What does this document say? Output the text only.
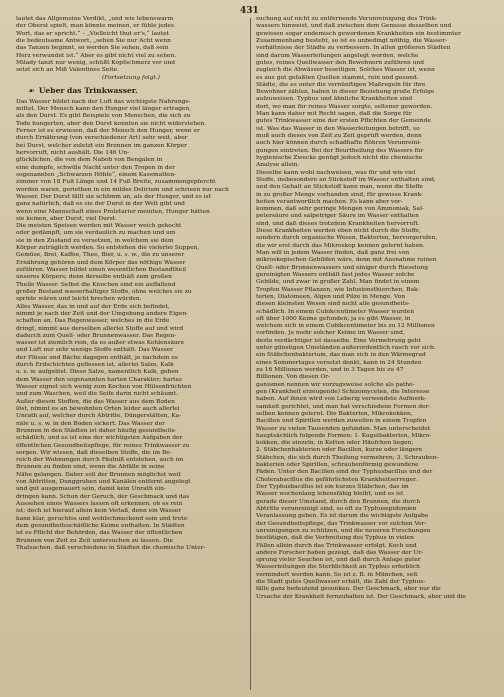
431
lautet das Allgemeine Verdikt, „und wie lebenswarm
der Oberst spielt, man könnte meinen, er fühle jedes
Wort, das er spricht.“ – „Vielleicht thut er's,“ lautet
die bedeutsame Antwort, „sehen Sie nur Acht wenn
das Tanzen beginnt, so werden Sie sehen, daß sein
Herz verwundet ist.“ Aber es gibt nicht viel zu sehen.
Milady tanzt nur wenig, schüßt Kopfschmerz vor und
setzt sich an Miß Valentines Seite.

(Fortsetzung folgt.)

☙ Ueber das Trinkwasser.
Das Wasser bildet nach der Luft das wichtigste Nahrungs-
mittel. Der Mensch kann den Hunger viel länger ertragen,
als den Durst. Es gibt Beispiele von Menschen, die sich zu
Tode hungerten, aber den Durst konnten sie nicht widerstehen.
Ferner ist es erwiesen, daß der Mensch den Hunger, wenn er
durch Ernährung (von verschiedener Art) sehr weit, aber
bei Durst, welcher zuletzt ein Brennen im ganzen Körper
hervorruft, nicht aushält. Die 146 Un-
glücklichen, die von dem Nabob von Bengalen in
eine dumpfe, schwüle Nacht unter den Tropen in der
sogenannten „Schwarzen Höhle“, einem Kasematten-
zimmer von 18 Fuß Länge und 14 Fuß Breite, zusammengepfercht
worden waren, geriethen in ein mildes Delirium und schrieen nur nach
Wasser. Der Durst fällt sie schlimm an, als der Hunger, und es ist
ganz natürlich, daß es sie der Durst in der Welt gibt und
wenn eine Mannschaft eines Proletarier meinten, Hunger hätten
sie keinen, aber Durst, viel Durst.
Die meisten Speisen werden mit Wasser weich gekocht
oder gedämpft, um sie verdaulich zu machen und um
sie in den Zustand zu versetzen, in welchem sie dem
Körper zuträglich werden. So entstehen die vielerlei Suppen,
Gemüse, Brei, Kaffee, Thee, Bier, u. s. w., die zu unserer
Ernährung gehören und dem Körper das nöthige Wasser
zuführen. Wasser bildet einen wesentlichen Bestandtheil
unseres Körpers; denn derselbe enthält zum großen
Theile Wasser. Selbst die Knochen sind ein auffallend
großer Bestand wasserhaltiger Stoffe, ohne welches sie zu
spröde wären und leicht brechen würden.
Alles Wasser, das in und auf der Erde sich befindet,
nimmt je nach der Zeit und der Umgebung andere Eigen-
schaften an. Das Regenwasser, welches in die Erde
dringt, nimmt aus derselben allerlei Stoffe auf und wird
dadurch zum Quell- oder Brunnenwasser. Das Regen-
wasser ist ziemlich rein, da es außer etwas Kohlensäure
und Luft nur sehr wenige Stoffe enthält. Das Wasser
der Flüsse und Bäche dagegen enthält, je nachdem es
durch Erdschichten geflossen ist, allerlei Salze, Kalk
u. s. w. aufgelöst. Diese Salze, namentlich Kalk, geben
dem Wasser den sogenannten harten Charakter; hartes
Wasser eignet sich wenig zum Kochen von Hülsenfrüchten
und zum Waschen, weil die Seife darin nicht schäumt.
Außer diesen Stoffen, die das Wasser aus dem Boden
löst, nimmt es an bewohnten Orten leider auch allerlei
Unrath auf, welcher durch Abtritte, Düngerstätten, Ka-
näle u. s. w. in den Boden sickert. Das Wasser der
Brunnen in den Städten ist daher häufig gesundheits-
schädlich, und es ist eine der wichtigsten Aufgaben der
öffentlichen Gesundheitspflege, für reines Trinkwasser zu
sorgen. Wir wissen, daß dieselben Stoffe, die im Be-
reich der Wohnungen durch Fäulniß entstehen, auch im
Brunnen zu finden sind, wenn die Abfälle in seine
Nähe gelangen. Daher soll der Brunnen möglichst weit
von Abtritten, Dunggruben und Kanälen entfernt angelegt
und gut ausgemauert sein, damit kein Unrath ein-
dringen kann. Schon der Geruch, der Geschmack und das
Aussehen eines Wassers lassen oft erkennen, ob es rein
ist; doch ist hierauf allein kein Verlaß, denn ein Wasser
kann klar, geruchlos und wohlschmeckend sein und trotz-
dem gesundheitsschädliche Keime enthalten. In Städten
ist es Pflicht der Behörden, das Wasser der öffentlichen
Brunnen von Zeit zu Zeit untersuchen zu lassen. Die
Thatsachen, daß verschiedene in Städten die chemische Unter-
suchung auf nicht zu entfernende Verunreinigung des Trink-
wassers hinweist, und daß zwischen dem Genusse desselben und
gewissen sogar endemisch gewordenen Krankheiten ein bestimmter
Zusammenhang besteht, so ist es unbedingt nöthig, die Wasser-
verhältnisse der Städte zu verbessern. In allen größeren Städten
sind darum Wasserleitungen angelegt worden, welche
gutes, reines Quellwasser den Bewohnern zuführen und
zugleich die Abwässer beseitigen. Solches Wasser ist, wenn
es aus gut gefaßten Quellen stammt, rein und gesund.
Städte, die es unter die vernünftigen Maßregeln für ihre
Bewohner zählen, haben in dieser Beziehung große Erfolge
aufzuweisen. Typhus und ähnliche Krankheiten sind
dort, wo man für reines Wasser sorgte, seltener geworden.
Man kann daher mit Recht sagen, daß die Sorge für
gutes Trinkwasser eine der ersten Pflichten der Gemeinde
ist. Was das Wasser in den Wasserleitungen betrifft, so
muß auch dieses von Zeit zu Zeit geprüft werden, denn
auch hier können durch schadhafte Röhren Verunreini-
gungen eintreten. Bei der Beurtheilung des Wassers für
hygienische Zwecke genügt jedoch nicht die chemische
Analyse allein.
Dieselbe kann wohl nachweisen, was für und wie viel
Stoffe, insbesondere an Stickstoff im Wasser enthalten sind,
und den Gehalt an Stickstoff kann man, wenn die Stoffe
in zu großer Menge vorhanden sind, für gewisse Krank-
heiten verantwortlich machen. Es kann aber vor-
kommen, daß sehr geringe Mengen von Ammoniak, Sal-
petersäure und salpetriger Säure im Wasser enthalten
sind, und daß dieses trotzdem Krankheiten hervorruft.
Diese Krankheiten werden eben nicht durch die Stoffe,
sondern durch organische Wesen, Bakterien, hervorgerufen,
die wir erst durch das Mikroskop kennen gelernt haben.
Man will in jedem Wasser finden, daß ganz frei von
mikroskopischen Gebilden wäre, denn mit Ausnahme reinen
Quell- oder Brunnenwassers und einiger durch Rieselung
gereinigten Wassers enthält fast jedes Wasser solche
Gebilde, und zwar in großer Zahl. Man findet in einem
Tropfen Wasser Pflanzen, wie Infusionsthierchen, Bak-
terien, Diatomeen, Algen und Pilze in Menge. Von
diesen kleinsten Wesen sind nicht alle gesundheits-
schädlich. In einem Cubikcentimeter Wasser wurden
oft über 1000 Keime gefunden; ja es gibt Wasser, in
welchem sich in einem Cubikcentimeter bis zu 12 Millionen
vorfinden. Je mehr solcher Keime im Wasser sind,
desto verdächtiger ist dasselbe. Eine Vermehrung geht
unter günstigen Umständen außerordentlich rasch vor sich:
ein Stäbchenbakterium, das man sich in den Wärmegrad
eines Sommertages versetzt denkt, kann in 24 Stunden
zu 16 Millionen werden, und in 3 Tagen bis zu 47
Billionen. Von diesen Or-
ganismen nennen wir vorzugsweise solche als patho-
gen (Krankheit erzeugende) Schizomyceten, die Interesse
haben. Auf ihnen wird von Leberig verwendete Aufmerk-
samkeit gerichtet, und man hat verschiedene Formen der-
selben kennen gelernt. Die Bakterien, Mikrokokken,
Bacillen und Spirillen werden zuweilen in einem Tropfen
Wasser zu vielen Tausenden gefunden. Man unterscheidet
hauptsächlich folgende Formen: 1. Kugelbakterien, Mikro-
kokken, die einzeln, in Ketten oder Häufchen liegen;
2. Stäbchenbakterien oder Bacillen, kurze oder längere
Stäbchen, die sich durch Theilung vermehren; 3. Schrauben-
bakterien oder Spirillen, schraubenförmig gewundene
Fäden. Unter den Bacillen sind der Typhusbacillus und der
Cholerabacillus die gefährlichsten Krankheitserreger.
Der Typhusbacillus ist ein kurzes Stäbchen, das im
Wasser wochenlang lebensfähig bleibt, und es ist
gerade dieser Umstand, durch den Brunnen, die durch
Abtritte verunreinigt sind, so oft zu Typhusepidemien
Veranlassung geben. Es ist darum die wichtigste Aufgabe
der Gesundheitspflege, das Trinkwasser vor solchen Ver-
unreinigungen zu schützen, und die neueren Forschungen
bestätigen, daß die Verbreitung des Typhus in vielen
Fällen allein durch das Trinkwasser erfolgt. Koch und
andere Forscher haben gezeigt, daß das Wasser der Ur-
sprung vieler Seuchen ist, und daß durch Anlage guter
Wasserleitungen die Sterblichkeit an Typhus erheblich
vermindert werden kann. So ist z. B. in München, seit
die Stadt gutes Quellwasser erhält, die Zahl der Typhus-
fälle ganz bedeutend gesunken. Der Geschmack, aber nur die
Ursache der Krankheit fernzuhalten ist. Der Geschmack, aber und die
